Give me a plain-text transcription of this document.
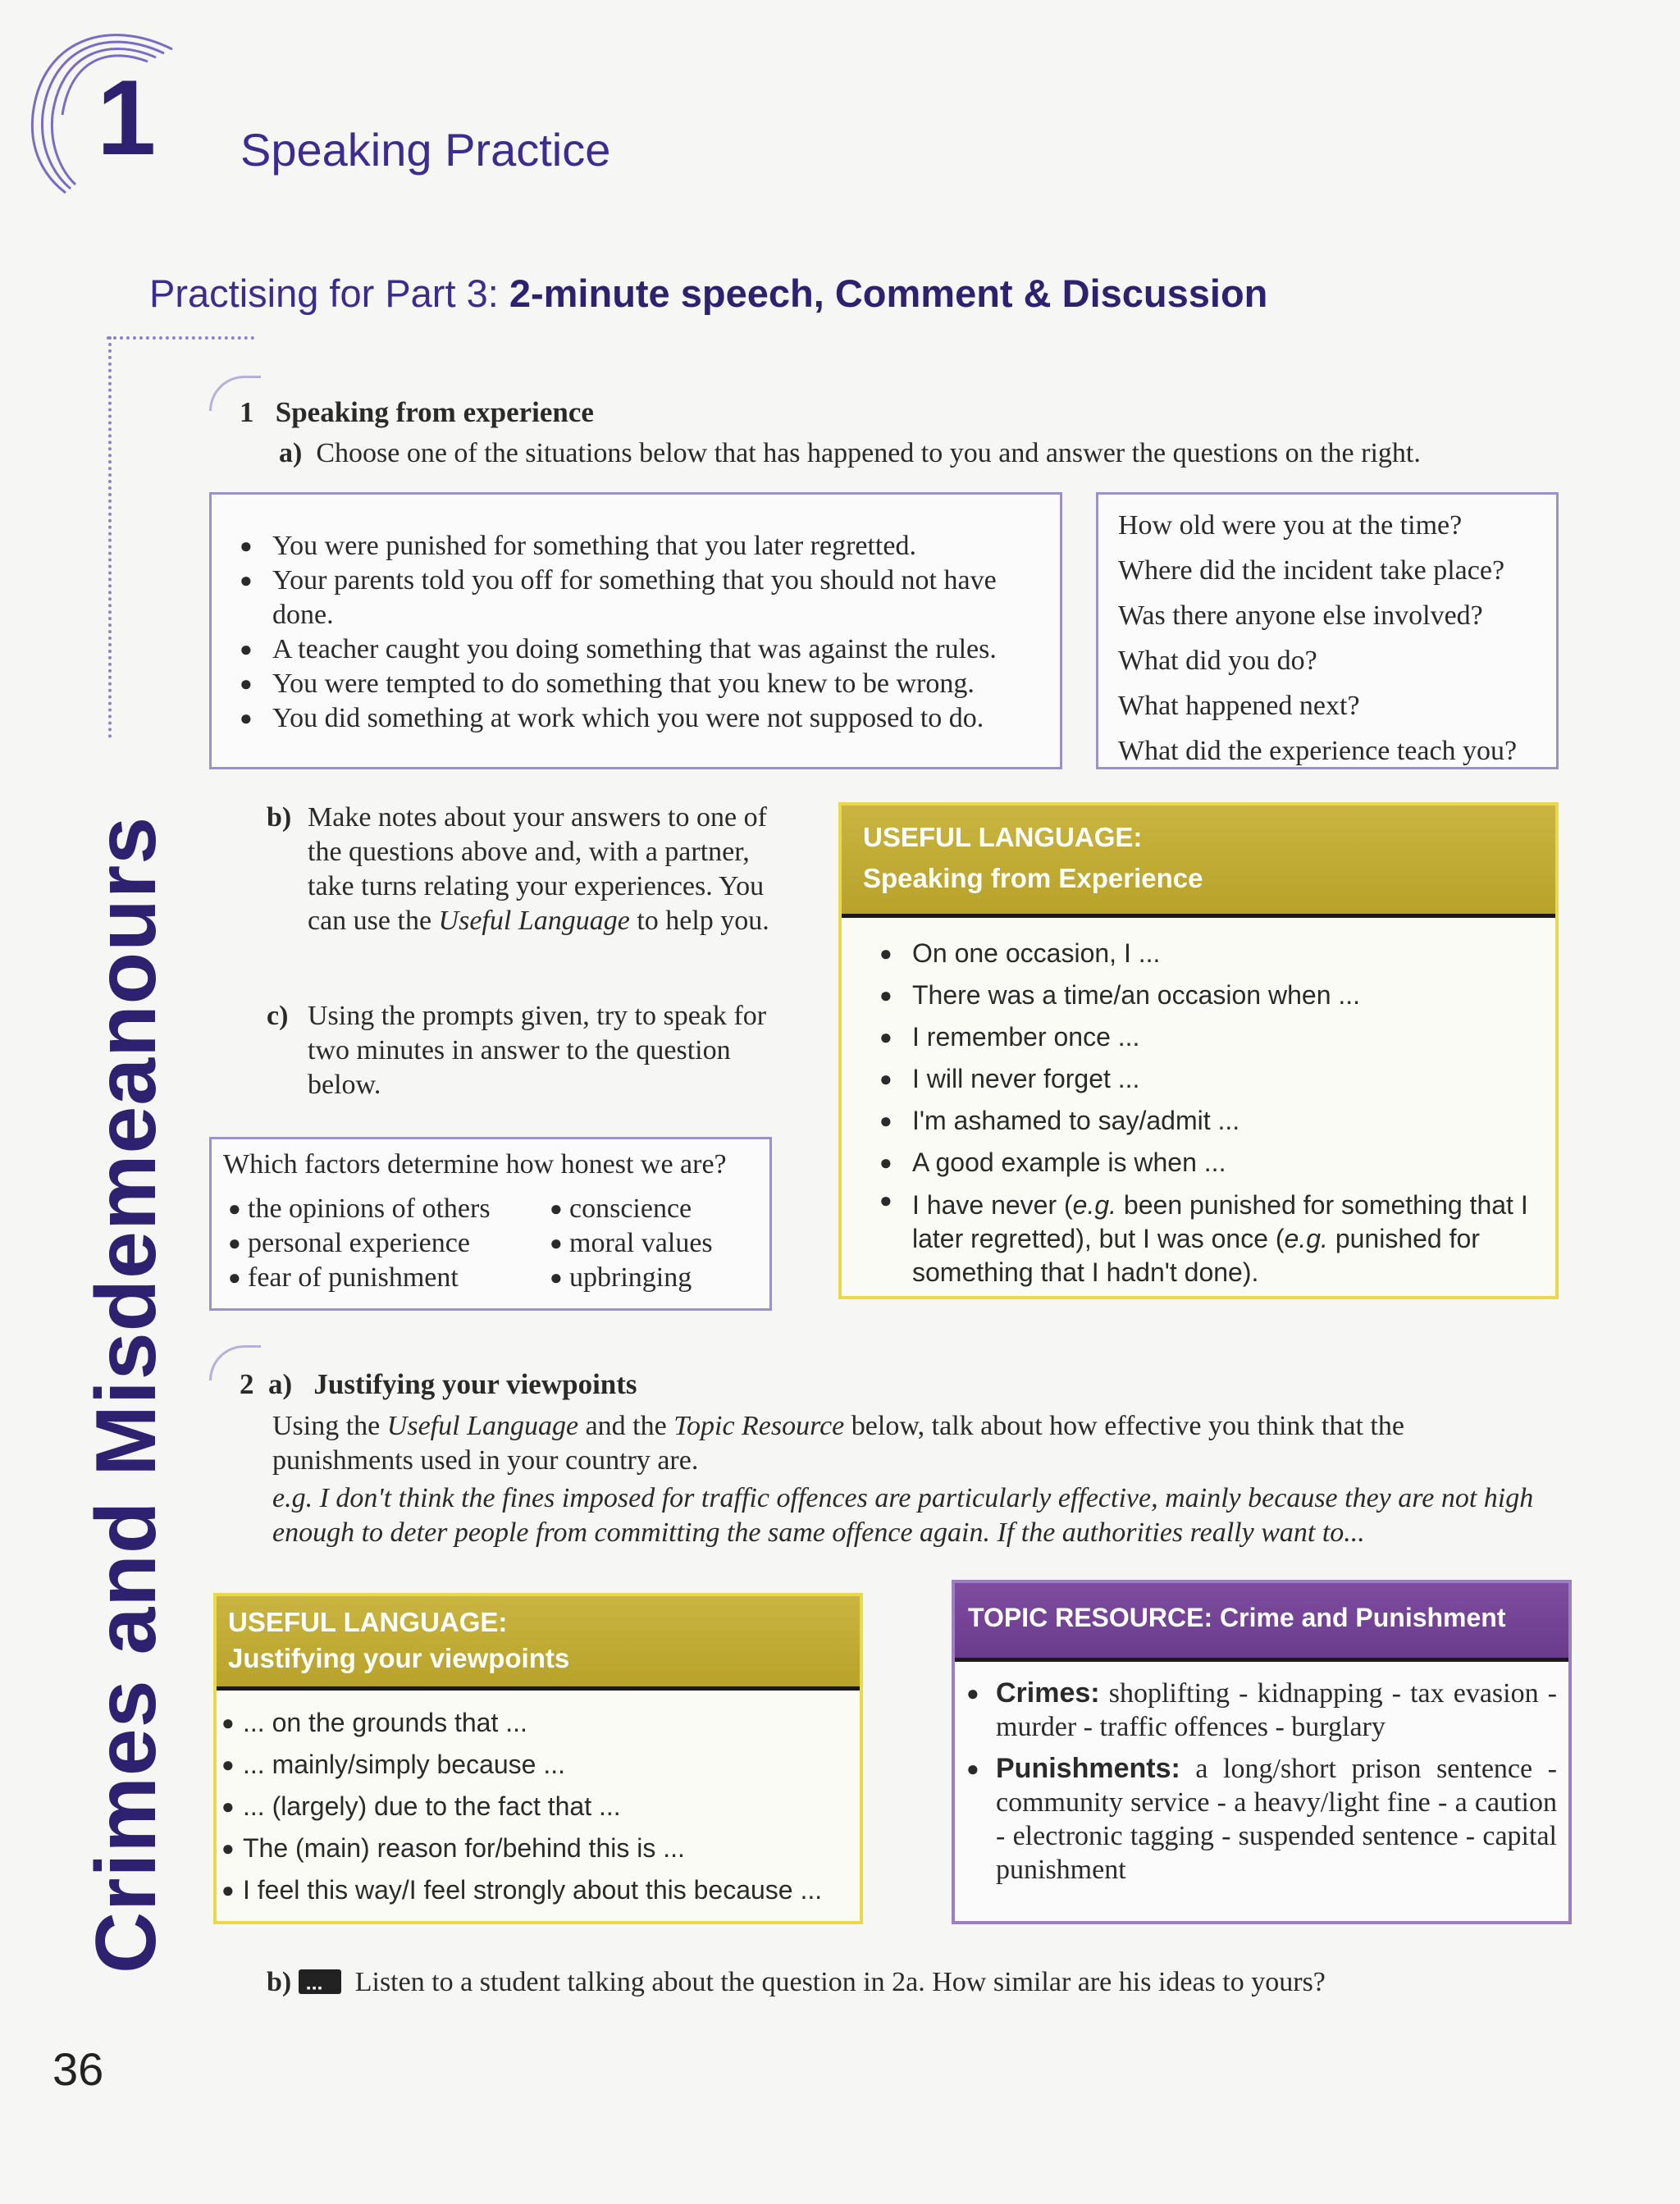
1 Speaking Practice
Practising for Part 3: 2-minute speech, Comment & Discussion
Crimes and Misdemeanours
36
1 Speaking from experience
a) Choose one of the situations below that has happened to you and answer the questions on the right.
● You were punished for something that you later regretted.
● Your parents told you off for something that you should not have done.
● A teacher caught you doing something that was against the rules.
● You were tempted to do something that you knew to be wrong.
● You did something at work which you were not supposed to do.
How old were you at the time?
Where did the incident take place?
Was there anyone else involved?
What did you do?
What happened next?
What did the experience teach you?
b) Make notes about your answers to one of the questions above and, with a partner, take turns relating your experiences. You can use the Useful Language to help you.
c) Using the prompts given, try to speak for two minutes in answer to the question below.
Which factors determine how honest we are?
● the opinions of others
● personal experience
● fear of punishment
● conscience
● moral values
● upbringing
USEFUL LANGUAGE:
Speaking from Experience
● On one occasion, I ...
● There was a time/an occasion when ...
● I remember once ...
● I will never forget ...
● I'm ashamed to say/admit ...
● A good example is when ...
● I have never (e.g. been punished for something that I later regretted), but I was once (e.g. punished for something that I hadn't done).
2 a) Justifying your viewpoints
Using the Useful Language and the Topic Resource below, talk about how effective you think that the punishments used in your country are.
e.g. I don't think the fines imposed for traffic offences are particularly effective, mainly because they are not high enough to deter people from committing the same offence again. If the authorities really want to...
USEFUL LANGUAGE:
Justifying your viewpoints
● ... on the grounds that ...
● ... mainly/simply because ...
● ... (largely) due to the fact that ...
● The (main) reason for/behind this is ...
● I feel this way/I feel strongly about this because ...
TOPIC RESOURCE: Crime and Punishment
● Crimes: shoplifting - kidnapping - tax evasion - murder - traffic offences - burglary
● Punishments: a long/short prison sentence - community service - a heavy/light fine - a caution - electronic tagging - suspended sentence - capital punishment
b) ▪▪▪ Listen to a student talking about the question in 2a. How similar are his ideas to yours?
